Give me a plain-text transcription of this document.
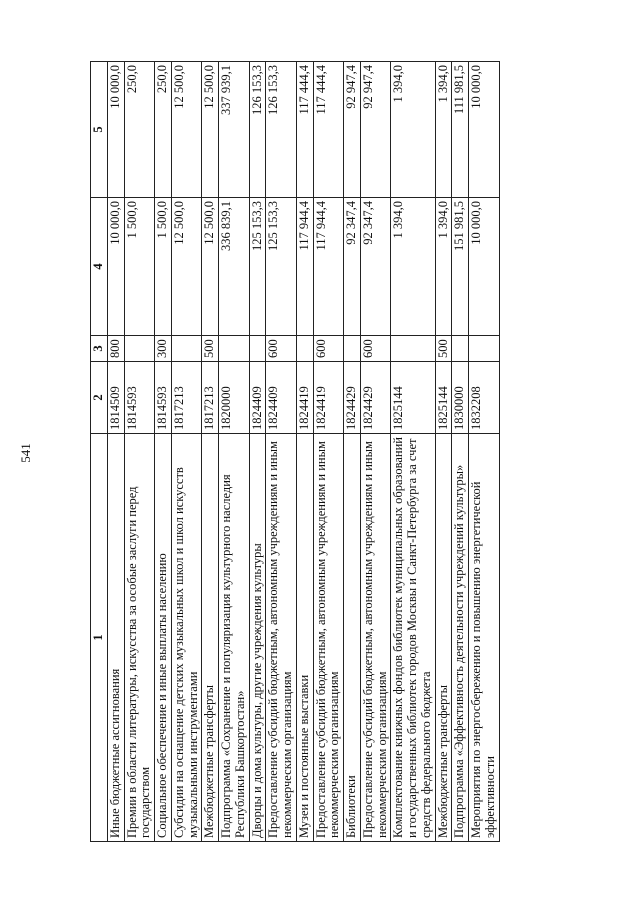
541
1	2	3	4	5
Иные бюджетные ассигнования	1814509	800	10 000,0	10 000,0
Премии в области литературы, искусства за особые заслуги перед государством	1814593		1 500,0	250,0
Социальное обеспечение и иные выплаты населению	1814593	300	1 500,0	250,0
Субсидии на оснащение детских музыкальных школ и школ искусств музыкальными инструментами	1817213		12 500,0	12 500,0
Межбюджетные трансферты	1817213	500	12 500,0	12 500,0
Подпрограмма «Сохранение и популяризация культурного наследия Республики Башкортостан»	1820000		336 839,1	337 939,1
Дворцы и дома культуры, другие учреждения культуры	1824409		125 153,3	126 153,3
Предоставление субсидий бюджетным, автономным учреждениям и иным некоммерческим организациям	1824409	600	125 153,3	126 153,3
Музеи и постоянные выставки	1824419		117 944,4	117 444,4
Предоставление субсидий бюджетным, автономным учреждениям и иным некоммерческим организациям	1824419	600	117 944,4	117 444,4
Библиотеки	1824429		92 347,4	92 947,4
Предоставление субсидий бюджетным, автономным учреждениям и иным некоммерческим организациям	1824429	600	92 347,4	92 947,4
Комплектование книжных фондов библиотек муниципальных образований и государственных библиотек городов Москвы и Санкт-Петербурга за счет средств федерального бюджета	1825144		1 394,0	1 394,0
Межбюджетные трансферты	1825144	500	1 394,0	1 394,0
Подпрограмма «Эффективность деятельности учреждений культуры»	1830000		151 981,5	111 981,5
Мероприятия по энергосбережению и повышению энергетической эффективности	1832208		10 000,0	10 000,0
